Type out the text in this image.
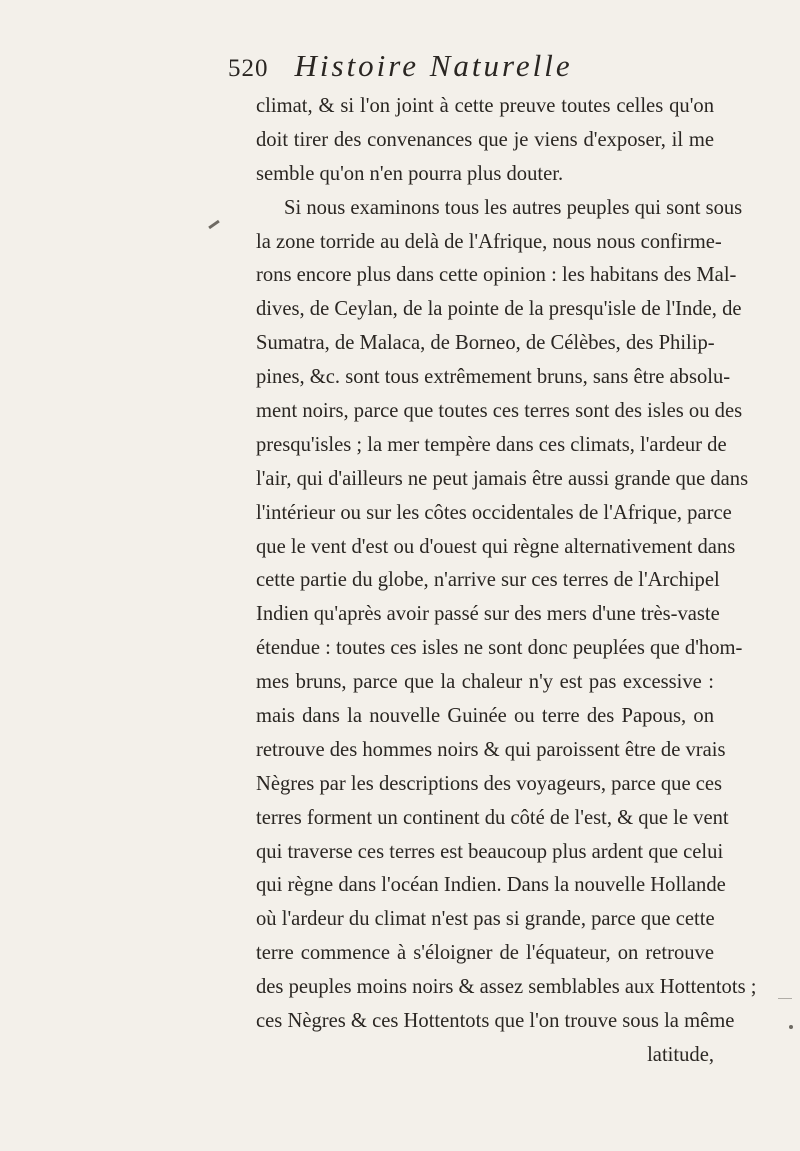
520 Histoire Naturelle
climat, & si l'on joint à cette preuve toutes celles qu'on
doit tirer des convenances que je viens d'exposer, il me
semble qu'on n'en pourra plus douter.
Si nous examinons tous les autres peuples qui sont sous
la zone torride au delà de l'Afrique, nous nous confirme-
rons encore plus dans cette opinion : les habitans des Mal-
dives, de Ceylan, de la pointe de la presqu'isle de l'Inde, de
Sumatra, de Malaca, de Borneo, de Célèbes, des Philip-
pines, &c. sont tous extrêmement bruns, sans être absolu-
ment noirs, parce que toutes ces terres sont des isles ou des
presqu'isles ; la mer tempère dans ces climats, l'ardeur de
l'air, qui d'ailleurs ne peut jamais être aussi grande que dans
l'intérieur ou sur les côtes occidentales de l'Afrique, parce
que le vent d'est ou d'ouest qui règne alternativement dans
cette partie du globe, n'arrive sur ces terres de l'Archipel
Indien qu'après avoir passé sur des mers d'une très-vaste
étendue : toutes ces isles ne sont donc peuplées que d'hom-
mes bruns, parce que la chaleur n'y est pas excessive :
mais dans la nouvelle Guinée ou terre des Papous, on
retrouve des hommes noirs & qui paroissent être de vrais
Nègres par les descriptions des voyageurs, parce que ces
terres forment un continent du côté de l'est, & que le vent
qui traverse ces terres est beaucoup plus ardent que celui
qui règne dans l'océan Indien. Dans la nouvelle Hollande
où l'ardeur du climat n'est pas si grande, parce que cette
terre commence à s'éloigner de l'équateur, on retrouve
des peuples moins noirs & assez semblables aux Hottentots ;
ces Nègres & ces Hottentots que l'on trouve sous la même
latitude,
